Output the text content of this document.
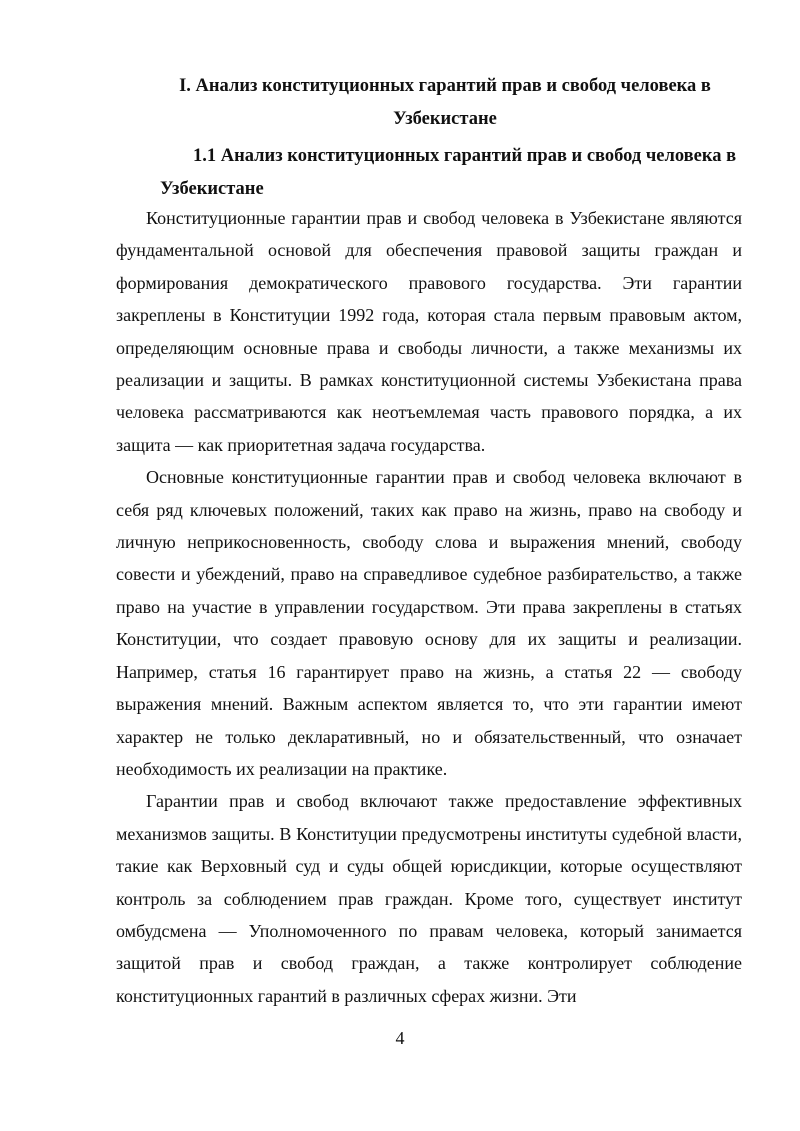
I. Анализ конституционных гарантий прав и свобод человека в Узбекистане
1.1 Анализ конституционных гарантий прав и свобод человека в Узбекистане

Конституционные гарантии прав и свобод человека в Узбекистане являются фундаментальной основой для обеспечения правовой защиты граждан и формирования демократического правового государства. Эти гарантии закреплены в Конституции 1992 года, которая стала первым правовым актом, определяющим основные права и свободы личности, а также механизмы их реализации и защиты. В рамках конституционной системы Узбекистана права человека рассматриваются как неотъемлемая часть правового порядка, а их защита — как приоритетная задача государства.

Основные конституционные гарантии прав и свобод человека включают в себя ряд ключевых положений, таких как право на жизнь, право на свободу и личную неприкосновенность, свободу слова и выражения мнений, свободу совести и убеждений, право на справедливое судебное разбирательство, а также право на участие в управлении государством. Эти права закреплены в статьях Конституции, что создает правовую основу для их защиты и реализации. Например, статья 16 гарантирует право на жизнь, а статья 22 — свободу выражения мнений. Важным аспектом является то, что эти гарантии имеют характер не только декларативный, но и обязательственный, что означает необходимость их реализации на практике.

Гарантии прав и свобод включают также предоставление эффективных механизмов защиты. В Конституции предусмотрены институты судебной власти, такие как Верховный суд и суды общей юрисдикции, которые осуществляют контроль за соблюдением прав граждан. Кроме того, существует институт омбудсмена — Уполномоченного по правам человека, который занимается защитой прав и свобод граждан, а также контролирует соблюдение конституционных гарантий в различных сферах жизни. Эти

4
